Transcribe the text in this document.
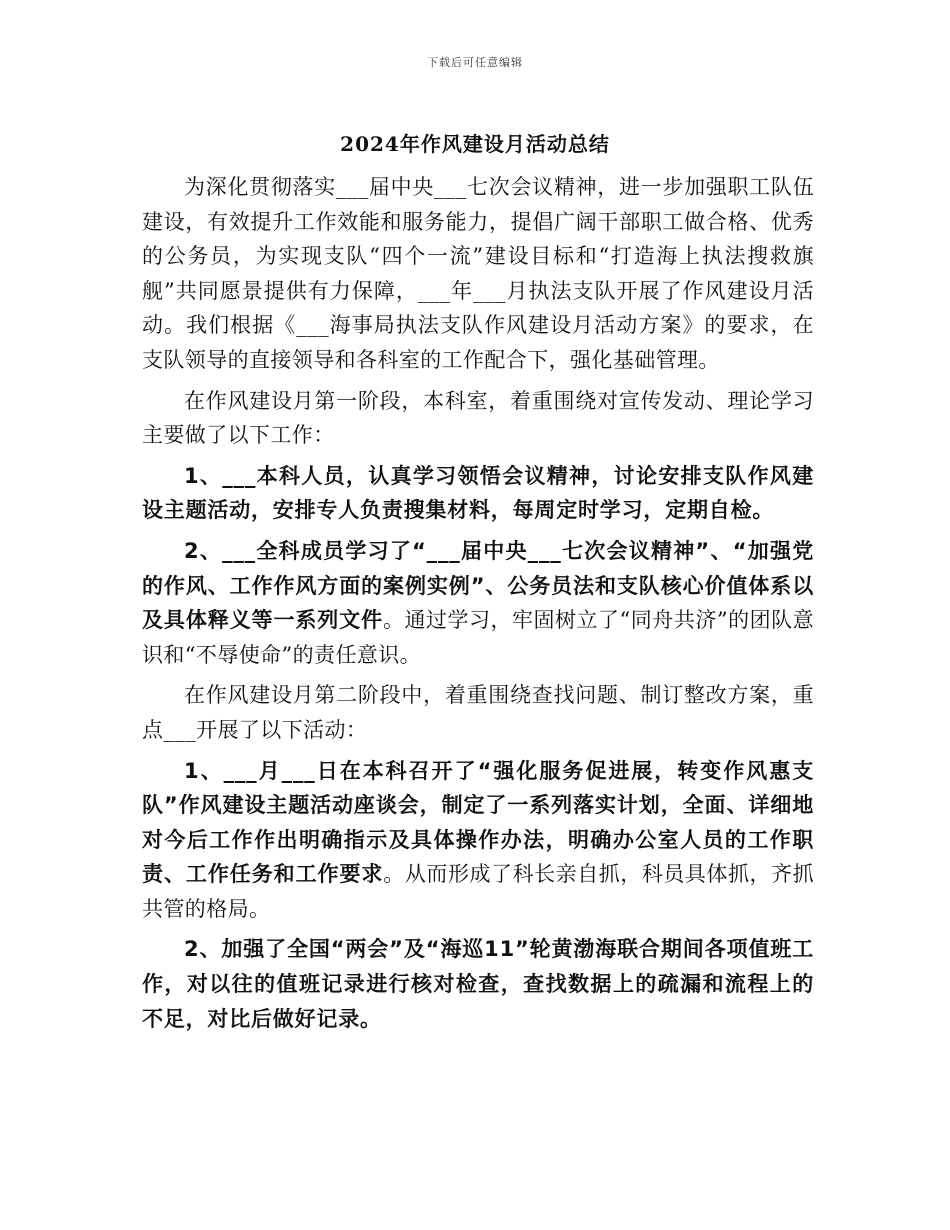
下载后可任意编辑
2024年作风建设月活动总结

为深化贯彻落实___届中央___七次会议精神，进一步加强职工队伍建设，有效提升工作效能和服务能力，提倡广阔干部职工做合格、优秀的公务员，为实现支队“四个一流”建设目标和“打造海上执法搜救旗舰”共同愿景提供有力保障，___年___月执法支队开展了作风建设月活动。我们根据《___海事局执法支队作风建设月活动方案》的要求，在支队领导的直接领导和各科室的工作配合下，强化基础管理。

在作风建设月第一阶段，本科室，着重围绕对宣传发动、理论学习主要做了以下工作：

1、___本科人员，认真学习领悟会议精神，讨论安排支队作风建设主题活动，安排专人负责搜集材料，每周定时学习，定期自检。

2、___全科成员学习了“___届中央___七次会议精神”、“加强党的作风、工作作风方面的案例实例”、公务员法和支队核心价值体系以及具体释义等一系列文件。通过学习，牢固树立了“同舟共济”的团队意识和“不辱使命”的责任意识。

在作风建设月第二阶段中，着重围绕查找问题、制订整改方案，重点___开展了以下活动：

1、___月___日在本科召开了“强化服务促进展，转变作风惠支队”作风建设主题活动座谈会，制定了一系列落实计划，全面、详细地对今后工作作出明确指示及具体操作办法，明确办公室人员的工作职责、工作任务和工作要求。从而形成了科长亲自抓，科员具体抓，齐抓共管的格局。

2、加强了全国“两会”及“海巡11”轮黄渤海联合期间各项值班工作，对以往的值班记录进行核对检查，查找数据上的疏漏和流程上的不足，对比后做好记录。
